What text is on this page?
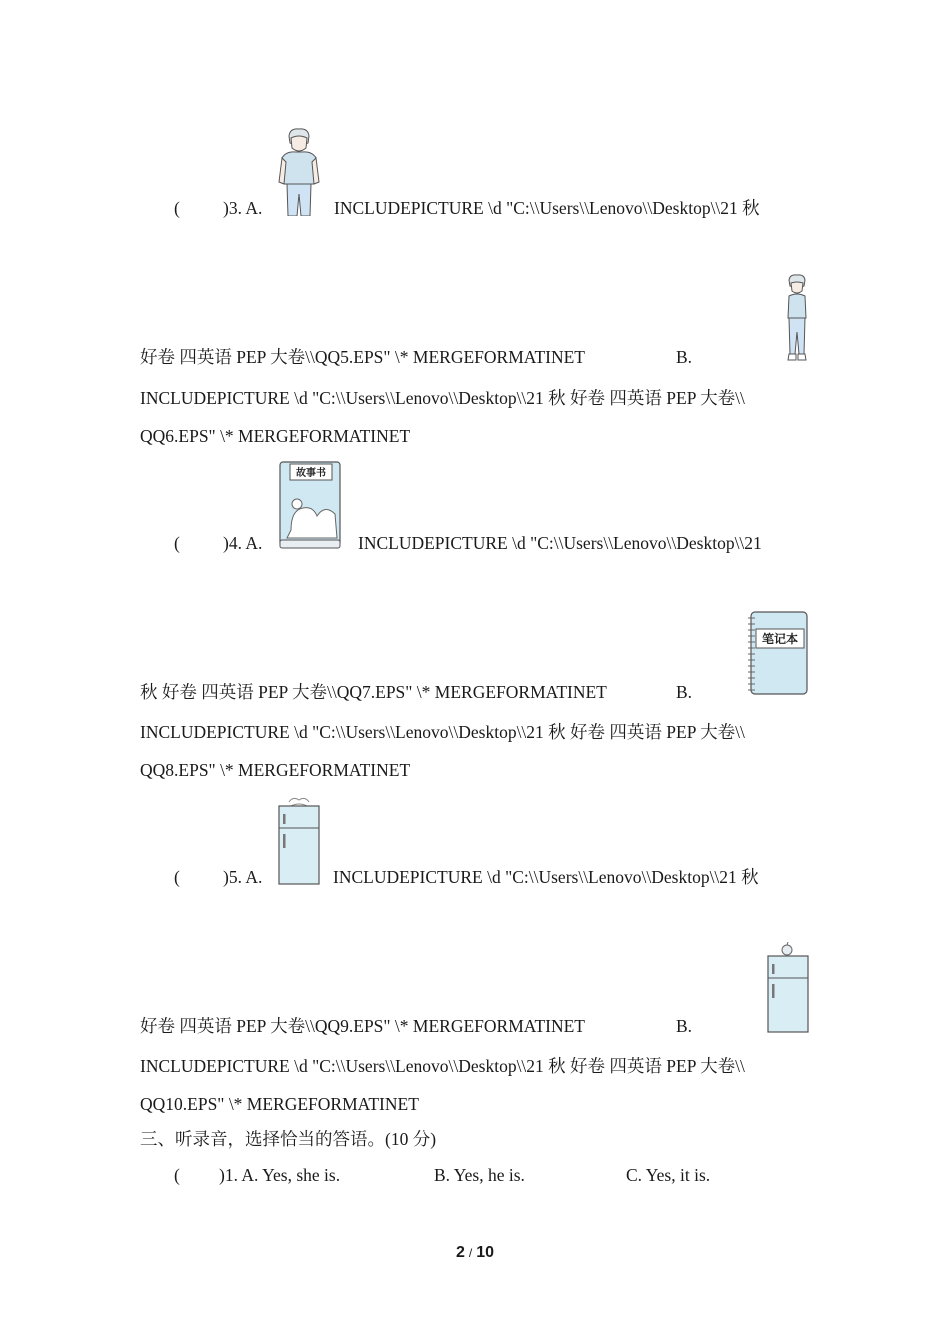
( )3. A.	INCLUDEPICTURE \d "C:\\Users\\Lenovo\\Desktop\\21 秋
好卷 四英语 PEP 大卷\\QQ5.EPS" \* MERGEFORMATINET	B.
INCLUDEPICTURE \d "C:\\Users\\Lenovo\\Desktop\\21 秋 好卷 四英语 PEP 大卷\\
QQ6.EPS" \* MERGEFORMATINET
故事书
( )4. A.	INCLUDEPICTURE \d "C:\\Users\\Lenovo\\Desktop\\21
秋 好卷 四英语 PEP 大卷\\QQ7.EPS" \* MERGEFORMATINET	B.
笔记本
INCLUDEPICTURE \d "C:\\Users\\Lenovo\\Desktop\\21 秋 好卷 四英语 PEP 大卷\\
QQ8.EPS" \* MERGEFORMATINET
( )5. A.	INCLUDEPICTURE \d "C:\\Users\\Lenovo\\Desktop\\21 秋
好卷 四英语 PEP 大卷\\QQ9.EPS" \* MERGEFORMATINET	B.
INCLUDEPICTURE \d "C:\\Users\\Lenovo\\Desktop\\21 秋 好卷 四英语 PEP 大卷\\
QQ10.EPS" \* MERGEFORMATINET
三、听录音，选择恰当的答语。(10 分)
( )1. A. Yes, she is.	B. Yes, he is.	C. Yes, it is.
2 / 10
